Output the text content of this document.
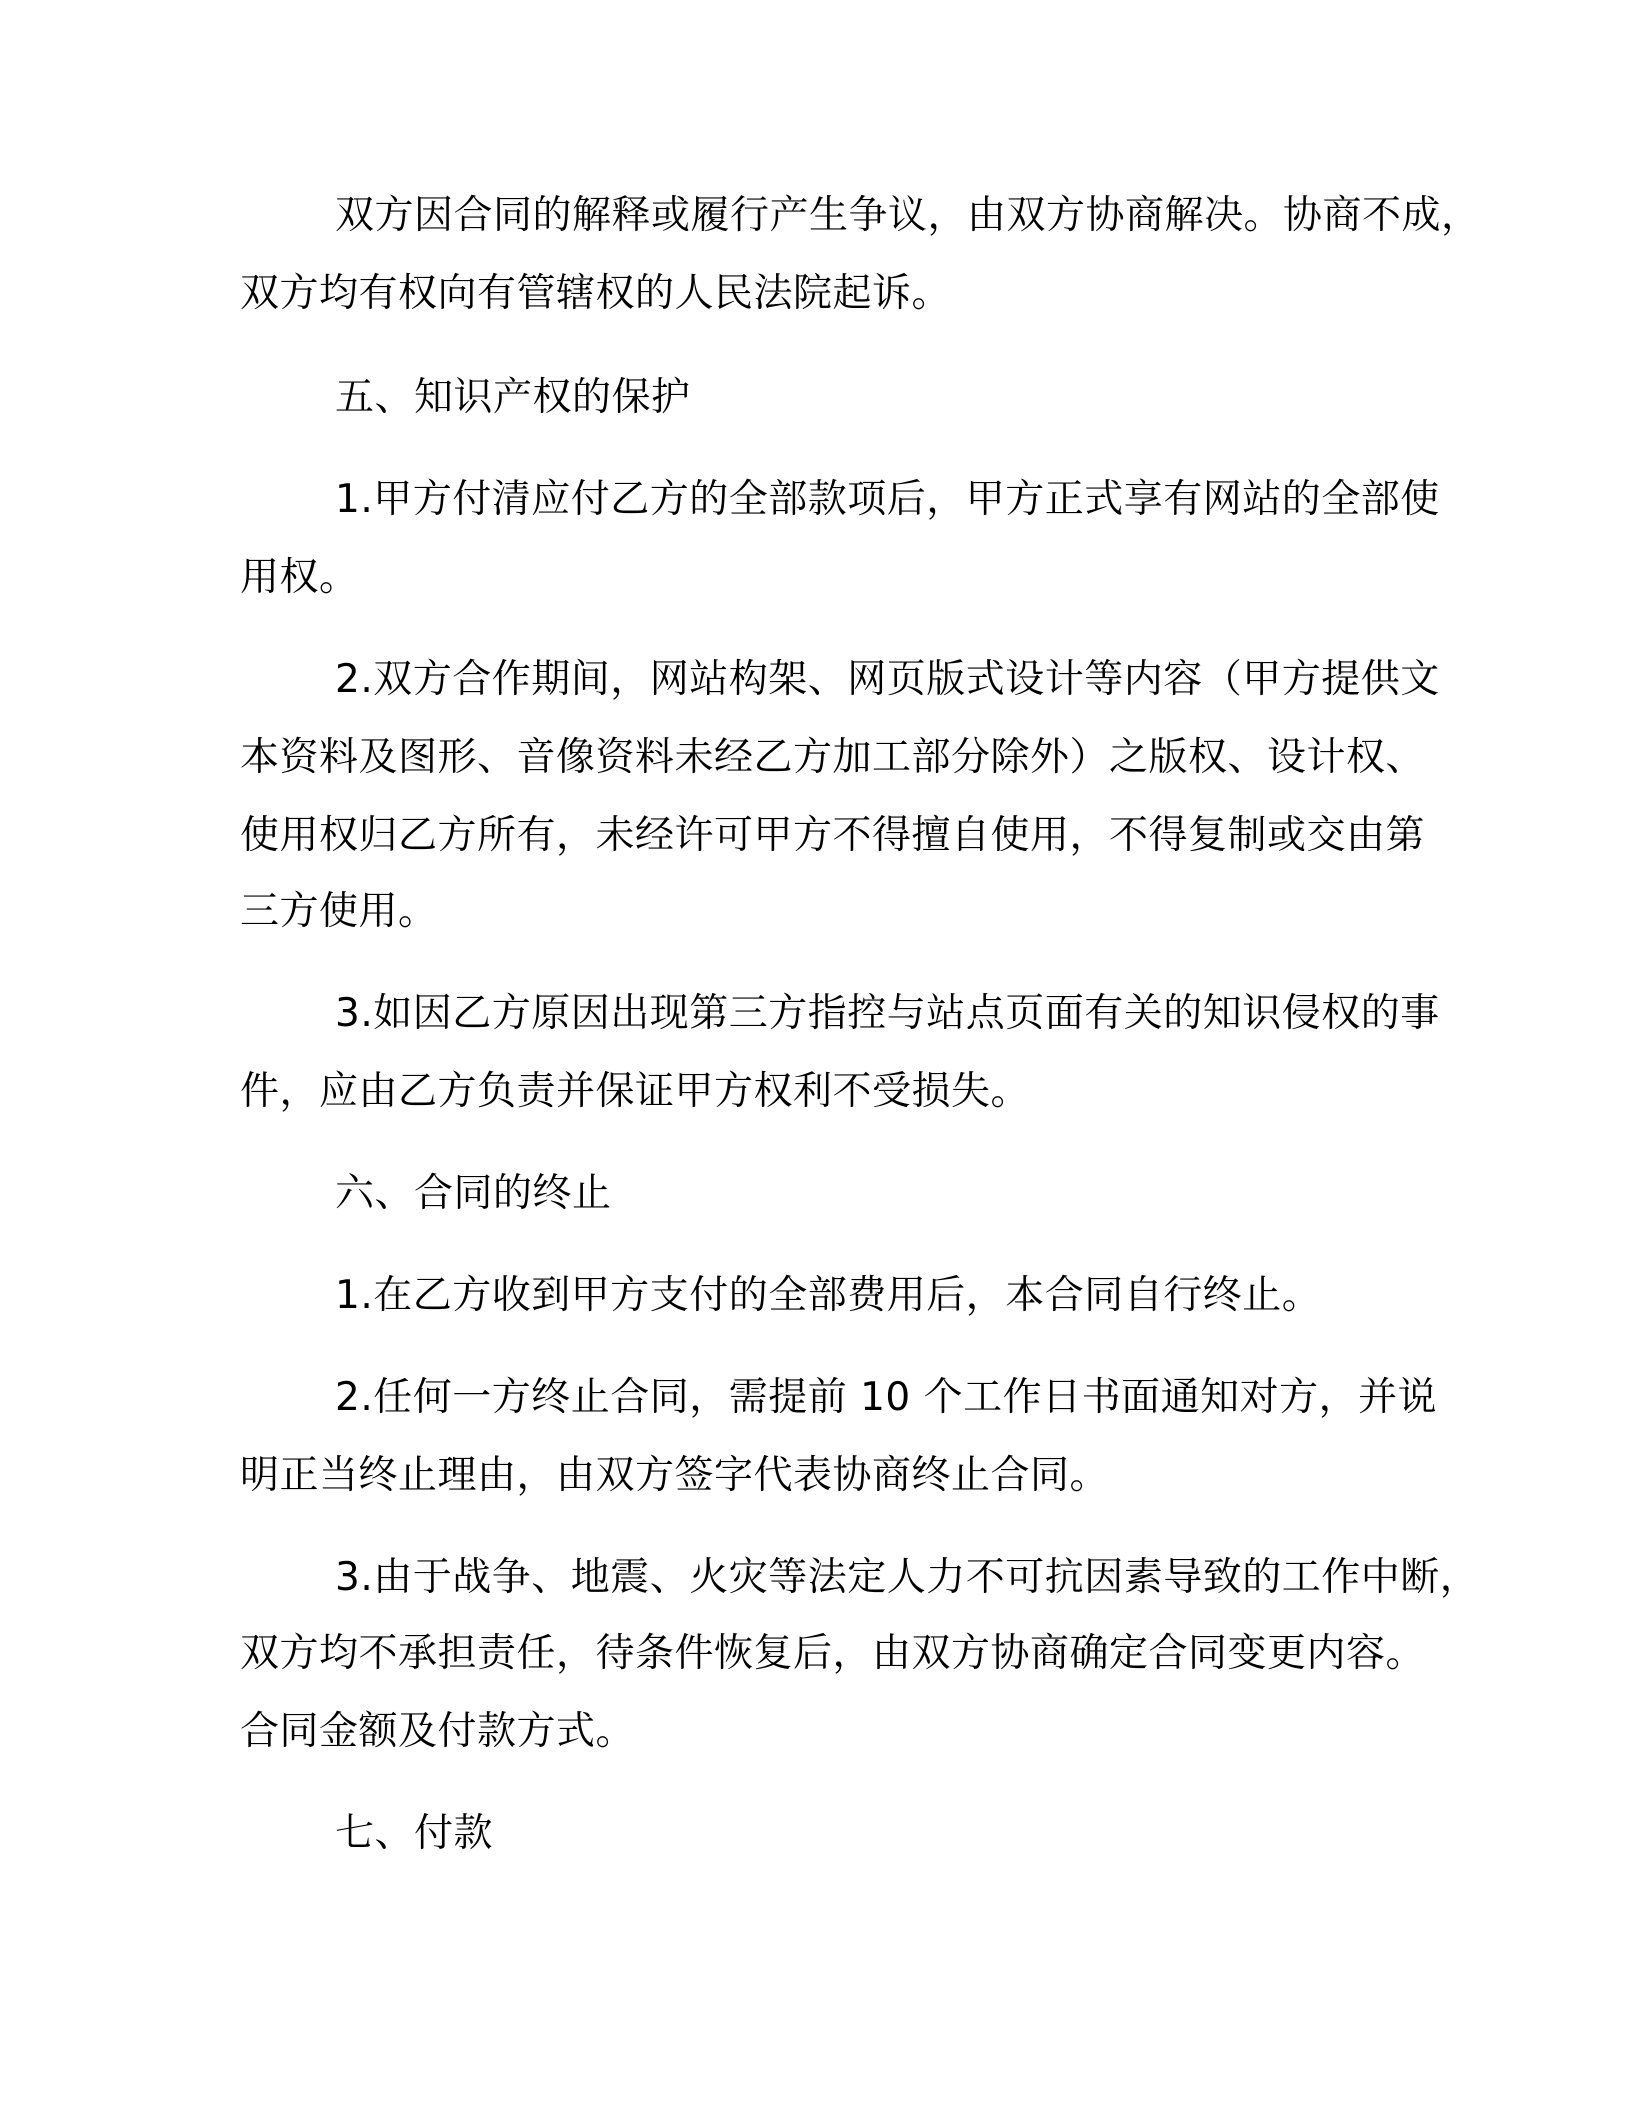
双方因合同的解释或履行产生争议，由双方协商解决。协商不成，
双方均有权向有管辖权的人民法院起诉。
五、知识产权的保护
1.甲方付清应付乙方的全部款项后，甲方正式享有网站的全部使
用权。
2.双方合作期间，网站构架、网页版式设计等内容（甲方提供文
本资料及图形、音像资料未经乙方加工部分除外）之版权、设计权、
使用权归乙方所有，未经许可甲方不得擅自使用，不得复制或交由第
三方使用。
3.如因乙方原因出现第三方指控与站点页面有关的知识侵权的事
件，应由乙方负责并保证甲方权利不受损失。
六、合同的终止
1.在乙方收到甲方支付的全部费用后，本合同自行终止。
2.任何一方终止合同，需提前 10 个工作日书面通知对方，并说
明正当终止理由，由双方签字代表协商终止合同。
3.由于战争、地震、火灾等法定人力不可抗因素导致的工作中断，
双方均不承担责任，待条件恢复后，由双方协商确定合同变更内容。
合同金额及付款方式。
七、付款
